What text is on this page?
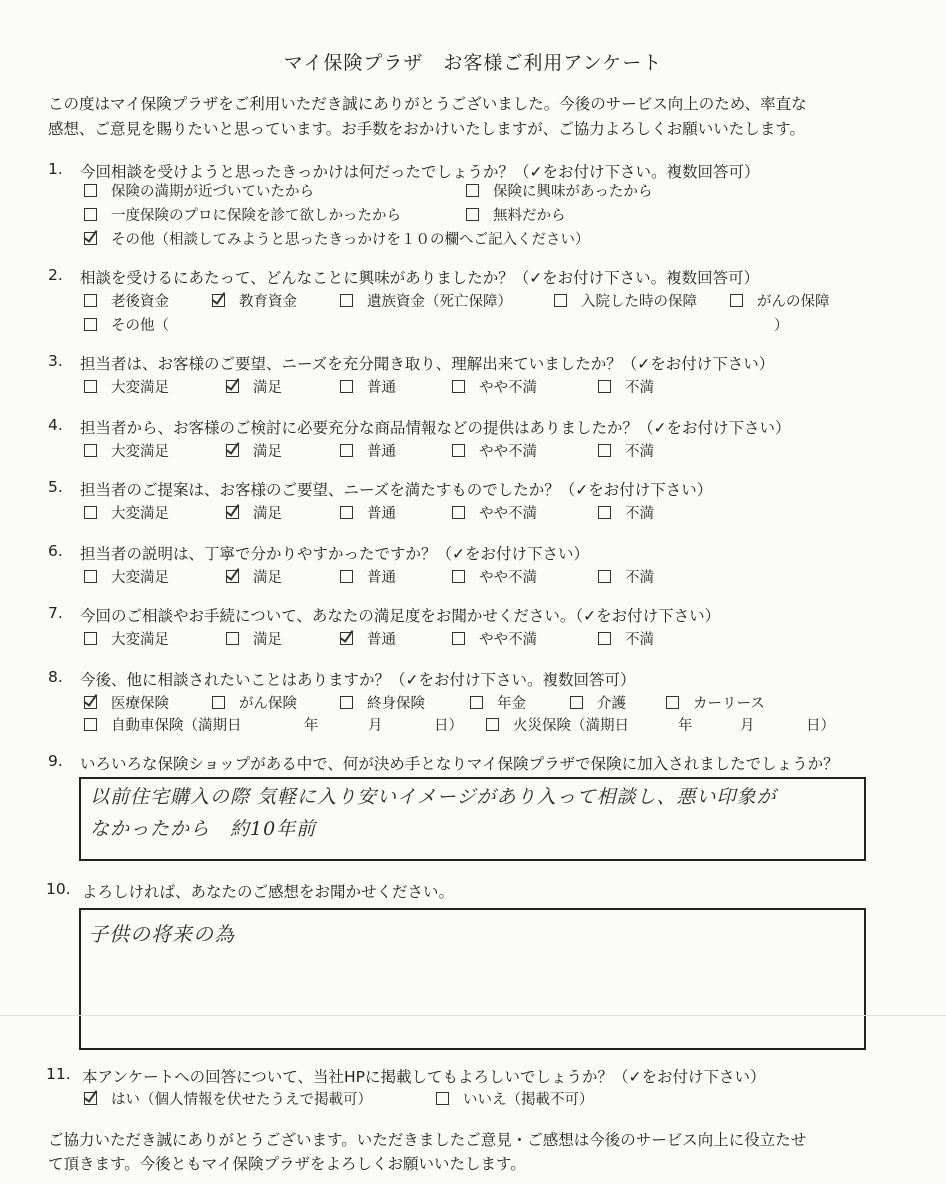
マイ保険プラザ　お客様ご利用アンケート
この度はマイ保険プラザをご利用いただき誠にありがとうございました。今後のサービス向上のため、率直な
感想、ご意見を賜りたいと思っています。お手数をおかけいたしますが、ご協力よろしくお願いいたします。
1. 今回相談を受けようと思ったきっかけは何だったでしょうか？（✓をお付け下さい。複数回答可）
保険の満期が近づいていたから	保険に興味があったから
一度保険のプロに保険を診て欲しかったから	無料だから
その他（相談してみようと思ったきっかけを１０の欄へご記入ください）
2. 相談を受けるにあたって、どんなことに興味がありましたか？（✓をお付け下さい。複数回答可）
老後資金	教育資金	遺族資金（死亡保障）	入院した時の保障	がんの保障
その他（	）
3. 担当者は、お客様のご要望、ニーズを充分聞き取り、理解出来ていましたか？（✓をお付け下さい）
大変満足	満足	普通	やや不満	不満
4. 担当者から、お客様のご検討に必要充分な商品情報などの提供はありましたか？（✓をお付け下さい）
大変満足	満足	普通	やや不満	不満
5. 担当者のご提案は、お客様のご要望、ニーズを満たすものでしたか？（✓をお付け下さい）
大変満足	満足	普通	やや不満	不満
6. 担当者の説明は、丁寧で分かりやすかったですか？（✓をお付け下さい）
大変満足	満足	普通	やや不満	不満
7. 今回のご相談やお手続について、あなたの満足度をお聞かせください。（✓をお付け下さい）
大変満足	満足	普通	やや不満	不満
8. 今後、他に相談されたいことはありますか？（✓をお付け下さい。複数回答可）
医療保険	がん保険	終身保険	年金	介護	カーリース
自動車保険（満期日	年	月	日）	火災保険（満期日	年	月	日）
9. いろいろな保険ショップがある中で、何が決め手となりマイ保険プラザで保険に加入されましたでしょうか？
以前住宅購入の際 気軽に入り安いイメージがあり入って相談し、悪い印象が
なかったから　約10年前
10. よろしければ、あなたのご感想をお聞かせください。
子供の将来の為
11. 本アンケートへの回答について、当社HPに掲載してもよろしいでしょうか？（✓をお付け下さい）
はい（個人情報を伏せたうえで掲載可）	いいえ（掲載不可）
ご協力いただき誠にありがとうございます。いただきましたご意見・ご感想は今後のサービス向上に役立たせ
て頂きます。今後ともマイ保険プラザをよろしくお願いいたします。
